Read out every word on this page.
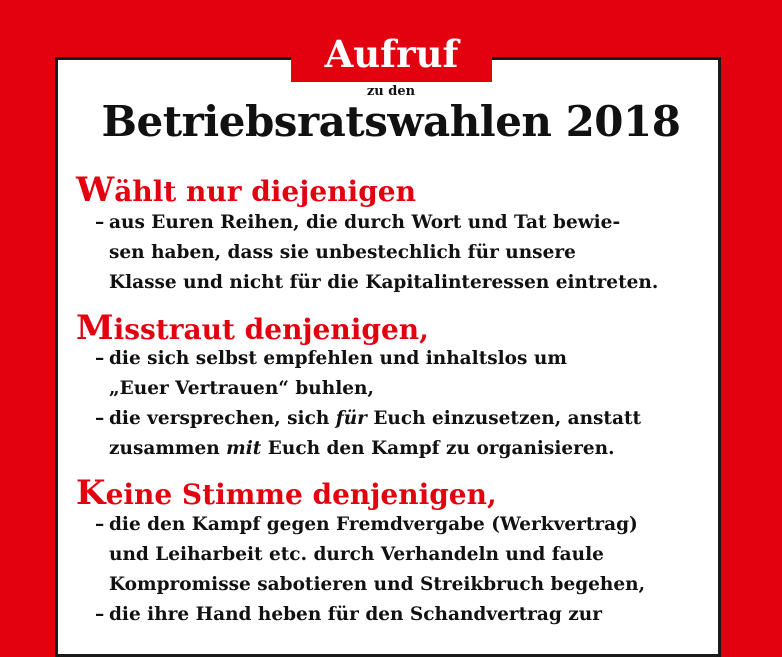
Aufruf
zu den
Betriebsratswahlen 2018
Wählt nur diejenigen
– aus Euren Reihen, die durch Wort und Tat bewie-
sen haben, dass sie unbestechlich für unsere
Klasse und nicht für die Kapitalinteressen eintreten.
Misstraut denjenigen,
– die sich selbst empfehlen und inhaltslos um
„Euer Vertrauen“ buhlen,
– die versprechen, sich für Euch einzusetzen, anstatt
zusammen mit Euch den Kampf zu organisieren.
Keine Stimme denjenigen,
– die den Kampf gegen Fremdvergabe (Werkvertrag)
und Leiharbeit etc. durch Verhandeln und faule
Kompromisse sabotieren und Streikbruch begehen,
– die ihre Hand heben für den Schandvertrag zur
